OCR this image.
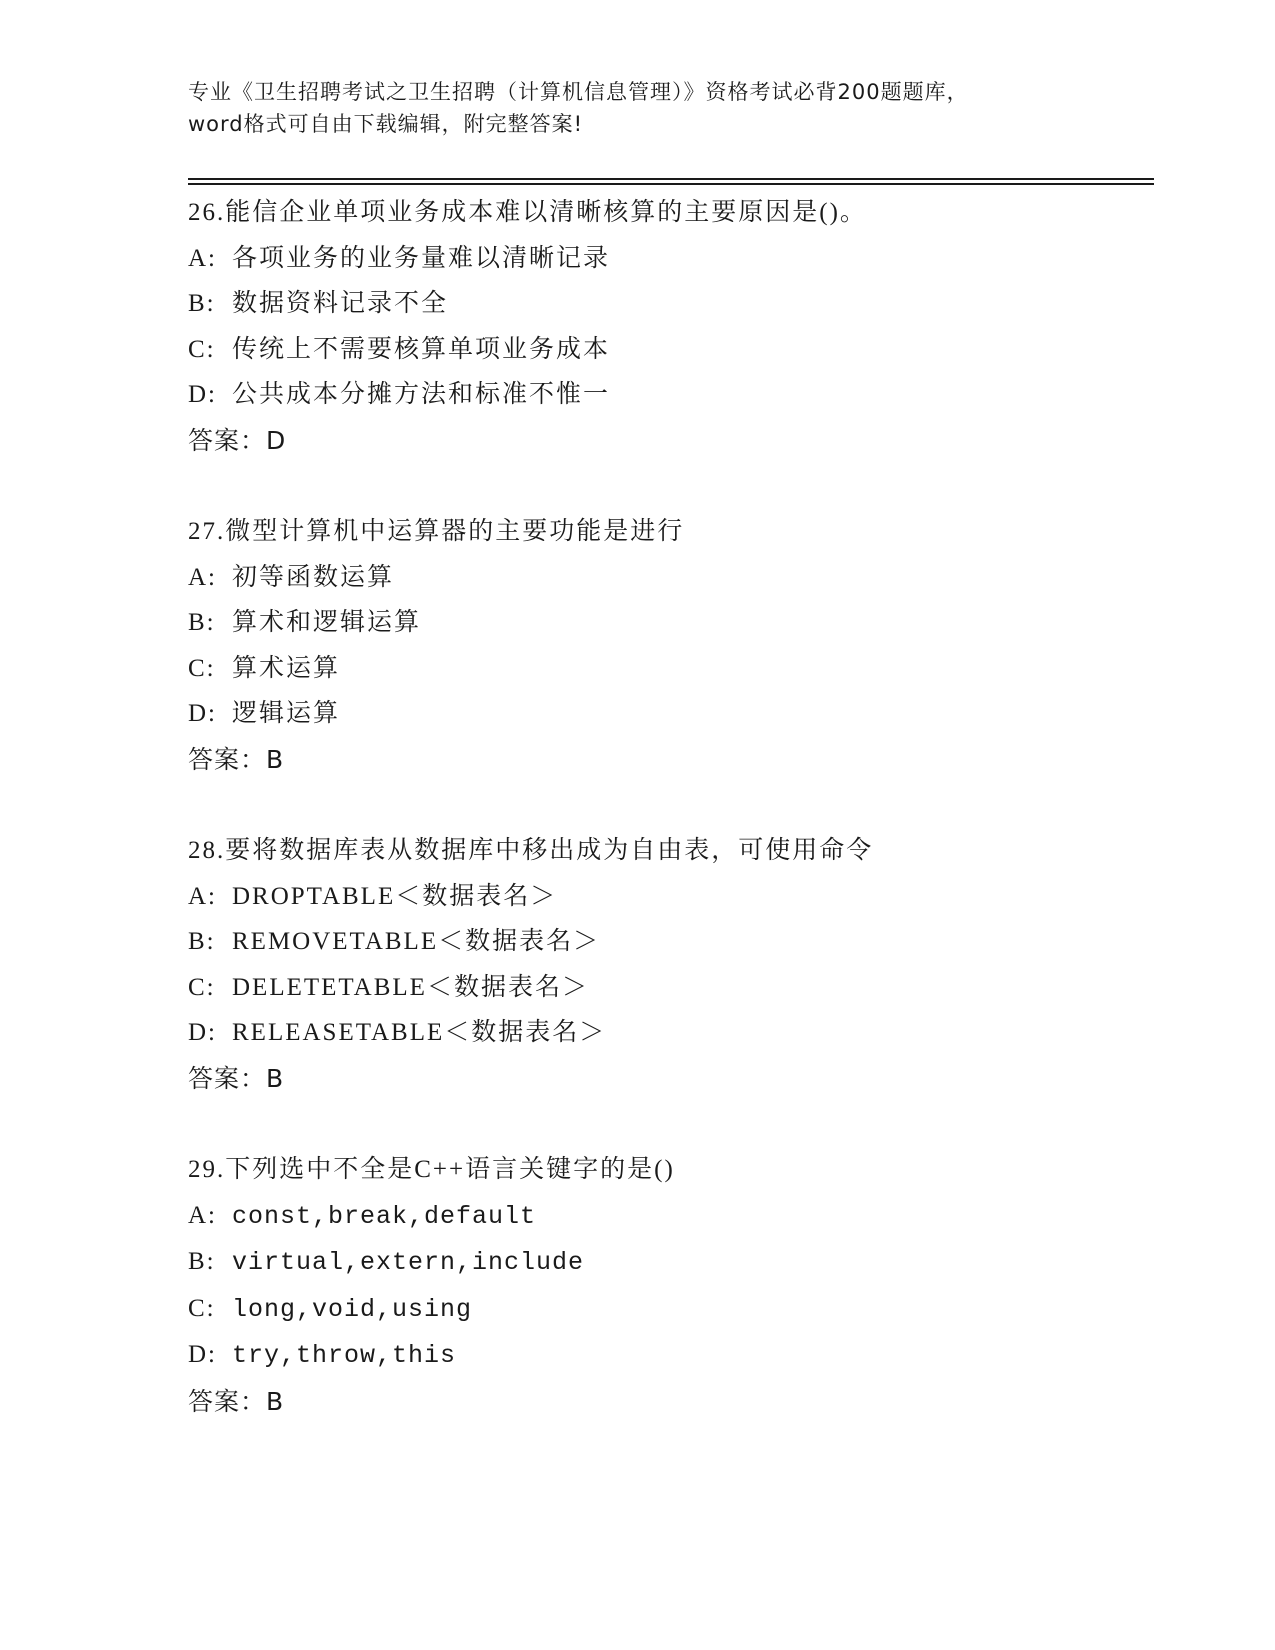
专业《卫生招聘考试之卫生招聘（计算机信息管理）》资格考试必背200题题库，
word格式可自由下载编辑，附完整答案!
26.能信企业单项业务成本难以清晰核算的主要原因是()。
A: 各项业务的业务量难以清晰记录
B: 数据资料记录不全
C: 传统上不需要核算单项业务成本
D: 公共成本分摊方法和标准不惟一
答案：D
27.微型计算机中运算器的主要功能是进行
A: 初等函数运算
B: 算术和逻辑运算
C: 算术运算
D: 逻辑运算
答案：B
28.要将数据库表从数据库中移出成为自由表，可使用命令
A: DROPTABLE＜数据表名＞
B: REMOVETABLE＜数据表名＞
C: DELETETABLE＜数据表名＞
D: RELEASETABLE＜数据表名＞
答案：B
29.下列选中不全是C++语言关键字的是()
A: const,break,default
B: virtual,extern,include
C: long,void,using
D: try,throw,this
答案：B
